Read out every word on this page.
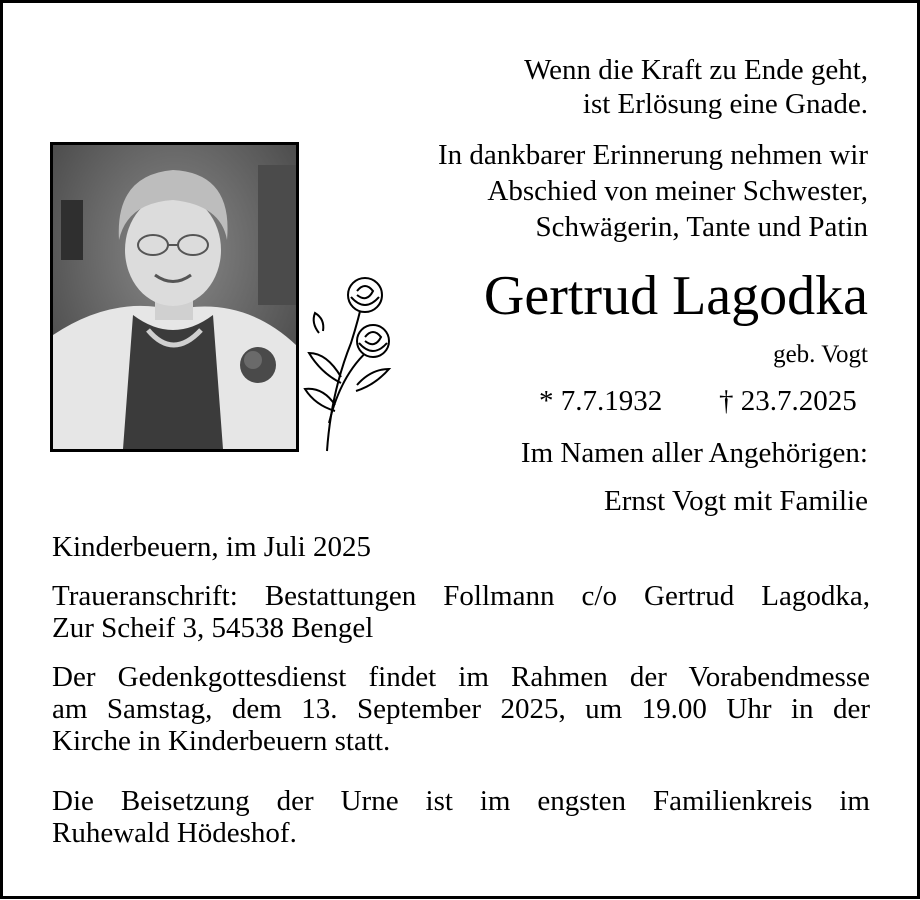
Wenn die Kraft zu Ende geht,
ist Erlösung eine Gnade.
In dankbarer Erinnerung nehmen wir
Abschied von meiner Schwester,
Schwägerin, Tante und Patin
Gertrud Lagodka
geb. Vogt
* 7.7.1932 † 23.7.2025
Im Namen aller Angehörigen:
Ernst Vogt mit Familie
Kinderbeuern, im Juli 2025
Traueranschrift: Bestattungen Follmann c/o Gertrud Lagodka,
Zur Scheif 3, 54538 Bengel
Der Gedenkgottesdienst findet im Rahmen der Vorabendmesse
am Samstag, dem 13. September 2025, um 19.00 Uhr in der
Kirche in Kinderbeuern statt.
Die Beisetzung der Urne ist im engsten Familienkreis im
Ruhewald Hödeshof.
